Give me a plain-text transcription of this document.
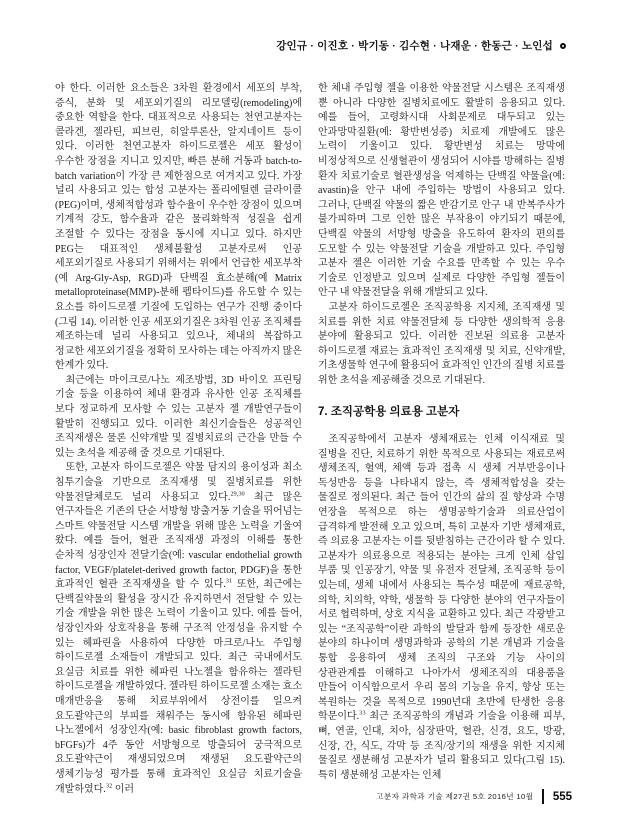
강인규 · 이진호 · 박기동 · 김수현 · 나재운 · 한동근 · 노인섭

야 한다. 이러한 요소들은 3차원 환경에서 세포의 부착, 증식, 분화 및 세포외기질의 리모델링(remodeling)에 중요한 역할을 한다. 대표적으로 사용되는 천연고분자는 콜라겐, 젤라틴, 피브린, 히알루론산, 알지네이트 등이 있다. 이러한 천연고분자 하이드로젤은 세포 활성이 우수한 장점을 지니고 있지만, 빠른 분해 거동과 batch-to-batch variation이 가장 큰 제한점으로 여겨지고 있다. 가장 널리 사용되고 있는 합성 고분자는 폴리에틸렌 글라이콜(PEG)이며, 생체적합성과 함수율이 우수한 장점이 있으며 기계적 강도, 함수율과 같은 물리화학적 성질을 쉽게 조절할 수 있다는 장점을 동시에 지니고 있다. 하지만 PEG는 대표적인 생체불활성 고분자로써 인공 세포외기질로 사용되기 위해서는 위에서 언급한 세포부착(예 Arg-Gly-Asp, RGD)과 단백질 효소분해(예 Matrix metalloproteinase(MMP)-분해 펩타이드)를 유도할 수 있는 요소를 하이드로젤 기질에 도입하는 연구가 진행 중이다(그림 14). 이러한 인공 세포외기질은 3차원 인공 조직체를 제조하는데 널리 사용되고 있으나, 체내의 복잡하고 정교한 세포외기질을 정확히 모사하는 데는 아직까지 많은 한계가 있다.

최근에는 마이크로/나노 제조방법, 3D 바이오 프린팅 기술 등을 이용하여 체내 환경과 유사한 인공 조직체를 보다 정교하게 모사할 수 있는 고분자 젤 개발연구들이 활발히 진행되고 있다. 이러한 최신기술들은 성공적인 조직재생은 물론 신약개발 및 질병치료의 근간을 만들 수 있는 초석을 제공해 줄 것으로 기대된다.

또한, 고분자 하이드로젤은 약물 담지의 용이성과 최소 침투기술을 기반으로 조직재생 및 질병치료를 위한 약물전달체로도 널리 사용되고 있다.$^{29,30}$ 최근 많은 연구자들은 기존의 단순 서방형 방출거동 기술을 뛰어넘는 스마트 약물전달 시스템 개발을 위해 많은 노력을 기울여 왔다. 예를 들어, 혈관 조직재생 과정의 이해를 통한 순차적 성장인자 전달기술(예: vascular endothelial growth factor, VEGF/platelet-derived growth factor, PDGF)을 통한 효과적인 혈관 조직재생을 할 수 있다.$^{31}$ 또한, 최근에는 단백질약물의 활성을 장시간 유지하면서 전달할 수 있는 기술 개발을 위한 많은 노력이 기울이고 있다. 예를 들어, 성장인자와 상호작용을 통해 구조적 안정성을 유지할 수 있는 헤파린을 사용하여 다양한 마크로/나노 주입형 하이드로젤 소재들이 개발되고 있다. 최근 국내에서도 요실금 치료를 위한 헤파린 나노젤을 함유하는 젤라틴 하이드로젤을 개발하였다. 젤라틴 하이드로젤 소재는 효소 매개반응을 통해 치료부위에서 상전이를 일으켜 요도괄약근의 부피를 채워주는 동시에 함유된 헤파린 나노젤에서 성장인자(예: basic fibroblast growth factors, bFGFs)가 4주 동안 서방형으로 방출되어 궁극적으로 요도괄약근이 재생되었으며 재생된 요도괄약근의 생체기능성 평가를 통해 효과적인 요실금 치료기술을 개발하였다.$^{32}$ 이러

한 체내 주입형 젤을 이용한 약물전달 시스템은 조직재생 뿐 아니라 다양한 질병치료에도 활발히 응용되고 있다. 예를 들어, 고령화시대 사회문제로 대두되고 있는 안과망막질환(예: 황반변성증) 치료제 개발에도 많은 노력이 기울이고 있다. 황반변성 치료는 망막에 비정상적으로 신생혈관이 생성되어 시야를 방해하는 질병 환자 치료기술로 혈관생성을 억제하는 단백질 약물을(예: avastin)을 안구 내에 주입하는 방법이 사용되고 있다. 그러나, 단백질 약물의 짧은 반감기로 안구 내 반복주사가 불가피하며 그로 인한 많은 부작용이 야기되기 때문에, 단백질 약물의 서방형 방출을 유도하여 환자의 편의를 도모할 수 있는 약물전달 기술을 개발하고 있다. 주입형 고분자 젤은 이러한 기술 수요를 만족할 수 있는 우수 기술로 인정받고 있으며 실제로 다양한 주입형 젤들이 안구 내 약물전달을 위해 개발되고 있다.

고분자 하이드로젤은 조직공학용 지지체, 조직재생 및 치료를 위한 치료 약물전달체 등 다양한 생의학적 응용 분야에 활용되고 있다. 이러한 진보된 의료용 고분자 하이드로젤 재료는 효과적인 조직재생 및 치료, 신약개발, 기초생물학 연구에 활용되어 효과적인 인간의 질병 치료를 위한 초석을 제공해줄 것으로 기대된다.

7. 조직공학용 의료용 고분자

조직공학에서 고분자 생체재료는 인체 이식재료 및 질병을 진단, 치료하기 위한 목적으로 사용되는 재료로써 생체조직, 혈액, 체액 등과 접촉 시 생체 거부반응이나 독성반응 등을 나타내지 않는, 즉 생체적합성을 갖는 물질로 정의된다. 최근 들어 인간의 삶의 질 향상과 수명 연장을 목적으로 하는 생명공학기술과 의료산업이 급격하게 발전해 오고 있으며, 특히 고분자 기반 생체재료, 즉 의료용 고분자는 이를 뒷받침하는 근간이라 할 수 있다. 고분자가 의료용으로 적용되는 분야는 크게 인체 삽입 부품 및 인공장기, 약물 및 유전자 전달체, 조직공학 등이 있는데, 생체 내에서 사용되는 특수성 때문에 재료공학, 의학, 치의학, 약학, 생물학 등 다양한 분야의 연구자들이 서로 협력하며, 상호 지식을 교환하고 있다. 최근 각광받고 있는 “조직공학”이란 과학의 발달과 함께 등장한 새로운 분야의 하나이며 생명과학과 공학의 기본 개념과 기술을 통합 응용하여 생체 조직의 구조와 기능 사이의 상관관계를 이해하고 나아가서 생체조직의 대용품을 만들어 이식함으로서 우리 몸의 기능을 유지, 향상 또는 복원하는 것을 목적으로 1990년대 초반에 탄생한 응용 학문이다.$^{33}$ 최근 조직공학의 개념과 기술을 이용해 피부, 뼈, 연골, 인대, 치아, 심장판막, 혈관, 신경, 요도, 방광, 신장, 간, 식도, 각막 등 조직/장기의 재생을 위한 지지체 물질로 생분해성 고분자가 널리 활용되고 있다(그림 15). 특히 생분해성 고분자는 인체

고분자 과학과 기술 제27권 5호 2016년 10월 555
